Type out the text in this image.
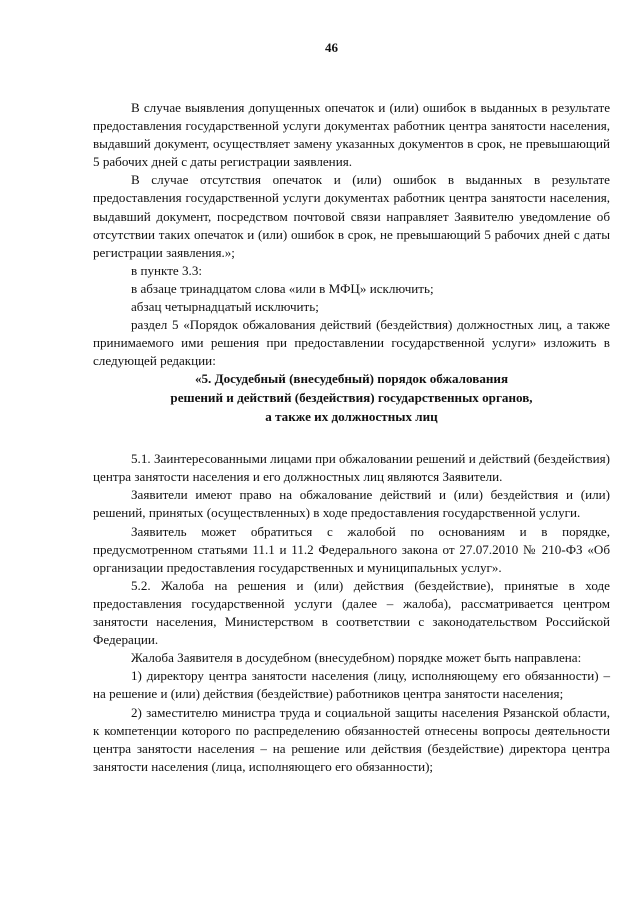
46

В случае выявления допущенных опечаток и (или) ошибок в выданных в результате предоставления государственной услуги документах работник центра занятости населения, выдавший документ, осуществляет замену указанных документов в срок, не превышающий 5 рабочих дней с даты регистрации заявления.

В случае отсутствия опечаток и (или) ошибок в выданных в результате предоставления государственной услуги документах работник центра занятости населения, выдавший документ, посредством почтовой связи направляет Заявителю уведомление об отсутствии таких опечаток и (или) ошибок в срок, не превышающий 5 рабочих дней с даты регистрации заявления.»;

в пункте 3.3:

в абзаце тринадцатом слова «или в МФЦ» исключить;

абзац четырнадцатый исключить;

раздел 5 «Порядок обжалования действий (бездействия) должностных лиц, а также принимаемого ими решения при предоставлении государственной услуги» изложить в следующей редакции:

«5. Досудебный (внесудебный) порядок обжалования
решений и действий (бездействия) государственных органов,
а также их должностных лиц

5.1. Заинтересованными лицами при обжаловании решений и действий (бездействия) центра занятости населения и его должностных лиц являются Заявители.

Заявители имеют право на обжалование действий и (или) бездействия и (или) решений, принятых (осуществленных) в ходе предоставления государственной услуги.

Заявитель может обратиться с жалобой по основаниям и в порядке, предусмотренном статьями 11.1 и 11.2 Федерального закона от 27.07.2010 № 210-ФЗ «Об организации предоставления государственных и муниципальных услуг».

5.2. Жалоба на решения и (или) действия (бездействие), принятые в ходе предоставления государственной услуги (далее – жалоба), рассматривается центром занятости населения, Министерством в соответствии с законодательством Российской Федерации.

Жалоба Заявителя в досудебном (внесудебном) порядке может быть направлена:

1) директору центра занятости населения (лицу, исполняющему его обязанности) – на решение и (или) действия (бездействие) работников центра занятости населения;

2) заместителю министра труда и социальной защиты населения Рязанской области, к компетенции которого по распределению обязанностей отнесены вопросы деятельности центра занятости населения – на решение или действия (бездействие) директора центра занятости населения (лица, исполняющего его обязанности);
